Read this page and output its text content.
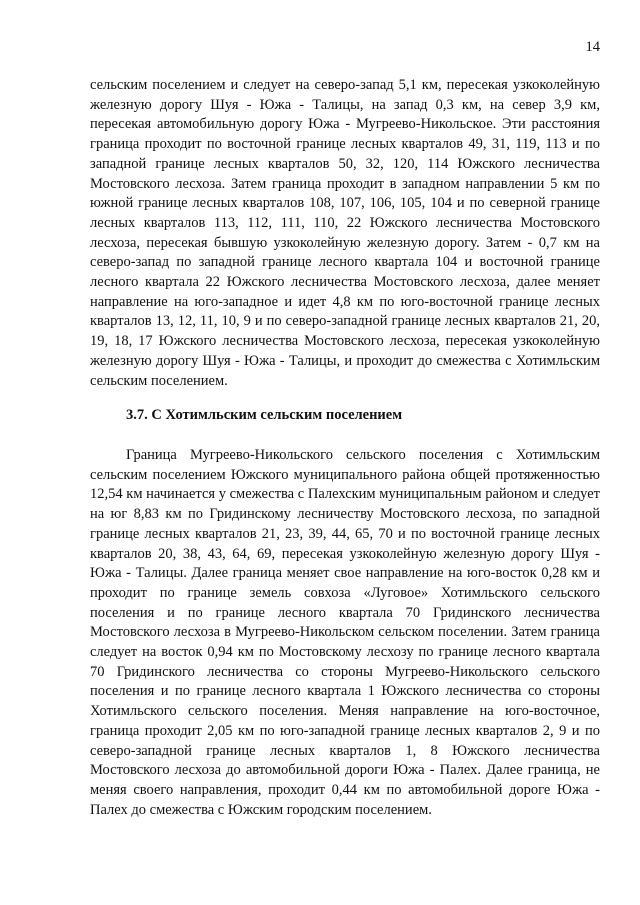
14

сельским поселением и следует на северо-запад 5,1 км, пересекая узкоколейную железную дорогу Шуя - Южа - Талицы, на запад 0,3 км, на север 3,9 км, пересекая автомобильную дорогу Южа - Мугреево-Никольское. Эти расстояния граница проходит по восточной границе лесных кварталов 49, 31, 119, 113 и по западной границе лесных кварталов 50, 32, 120, 114 Южского лесничества Мостовского лесхоза. Затем граница проходит в западном направлении 5 км по южной границе лесных кварталов 108, 107, 106, 105, 104 и по северной границе лесных кварталов 113, 112, 111, 110, 22 Южского лесничества Мостовского лесхоза, пересекая бывшую узкоколейную железную дорогу. Затем - 0,7 км на северо-запад по западной границе лесного квартала 104 и восточной границе лесного квартала 22 Южского лесничества Мостовского лесхоза, далее меняет направление на юго-западное и идет 4,8 км по юго-восточной границе лесных кварталов 13, 12, 11, 10, 9 и по северо-западной границе лесных кварталов 21, 20, 19, 18, 17 Южского лесничества Мостовского лесхоза, пересекая узкоколейную железную дорогу Шуя - Южа - Талицы, и проходит до смежества с Хотимльским сельским поселением.

3.7. С Хотимльским сельским поселением

Граница Мугреево-Никольского сельского поселения с Хотимльским сельским поселением Южского муниципального района общей протяженностью 12,54 км начинается у смежества с Палехским муниципальным районом и следует на юг 8,83 км по Гридинскому лесничеству Мостовского лесхоза, по западной границе лесных кварталов 21, 23, 39, 44, 65, 70 и по восточной границе лесных кварталов 20, 38, 43, 64, 69, пересекая узкоколейную железную дорогу Шуя - Южа - Талицы. Далее граница меняет свое направление на юго-восток 0,28 км и проходит по границе земель совхоза «Луговое» Хотимльского сельского поселения и по границе лесного квартала 70 Гридинского лесничества Мостовского лесхоза в Мугреево-Никольском сельском поселении. Затем граница следует на восток 0,94 км по Мостовскому лесхозу по границе лесного квартала 70 Гридинского лесничества со стороны Мугреево-Никольского сельского поселения и по границе лесного квартала 1 Южского лесничества со стороны Хотимльского сельского поселения. Меняя направление на юго-восточное, граница проходит 2,05 км по юго-западной границе лесных кварталов 2, 9 и по северо-западной границе лесных кварталов 1, 8 Южского лесничества Мостовского лесхоза до автомобильной дороги Южа - Палех. Далее граница, не меняя своего направления, проходит 0,44 км по автомобильной дороге Южа - Палех до смежества с Южским городским поселением.
